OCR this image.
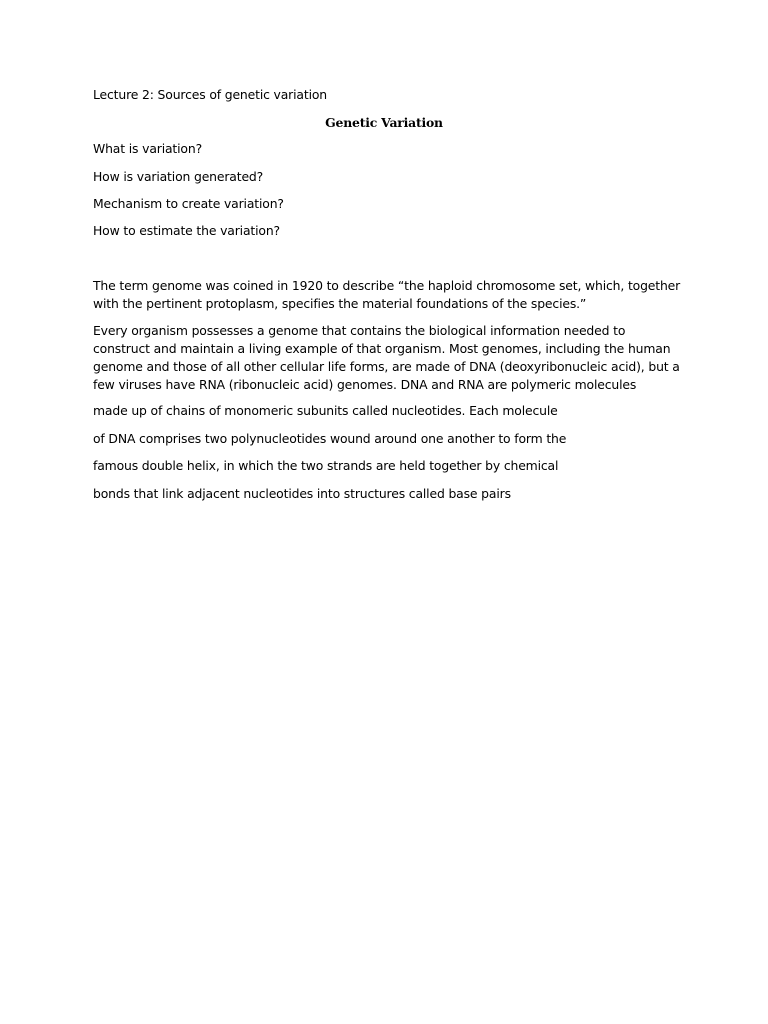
Lecture 2: Sources of genetic variation
Genetic Variation
What is variation?
How is variation generated?
Mechanism to create variation?
How to estimate the variation?
The term genome was coined in 1920 to describe “the haploid chromosome set, which, together with the pertinent protoplasm, specifies the material foundations of the species.”
Every organism possesses a genome that contains the biological information needed to construct and maintain a living example of that organism. Most genomes, including the human genome and those of all other cellular life forms, are made of DNA (deoxyribonucleic acid), but a few viruses have RNA (ribonucleic acid) genomes. DNA and RNA are polymeric molecules
made up of chains of monomeric subunits called nucleotides. Each molecule
of DNA comprises two polynucleotides wound around one another to form the
famous double helix, in which the two strands are held together by chemical
bonds that link adjacent nucleotides into structures called base pairs
